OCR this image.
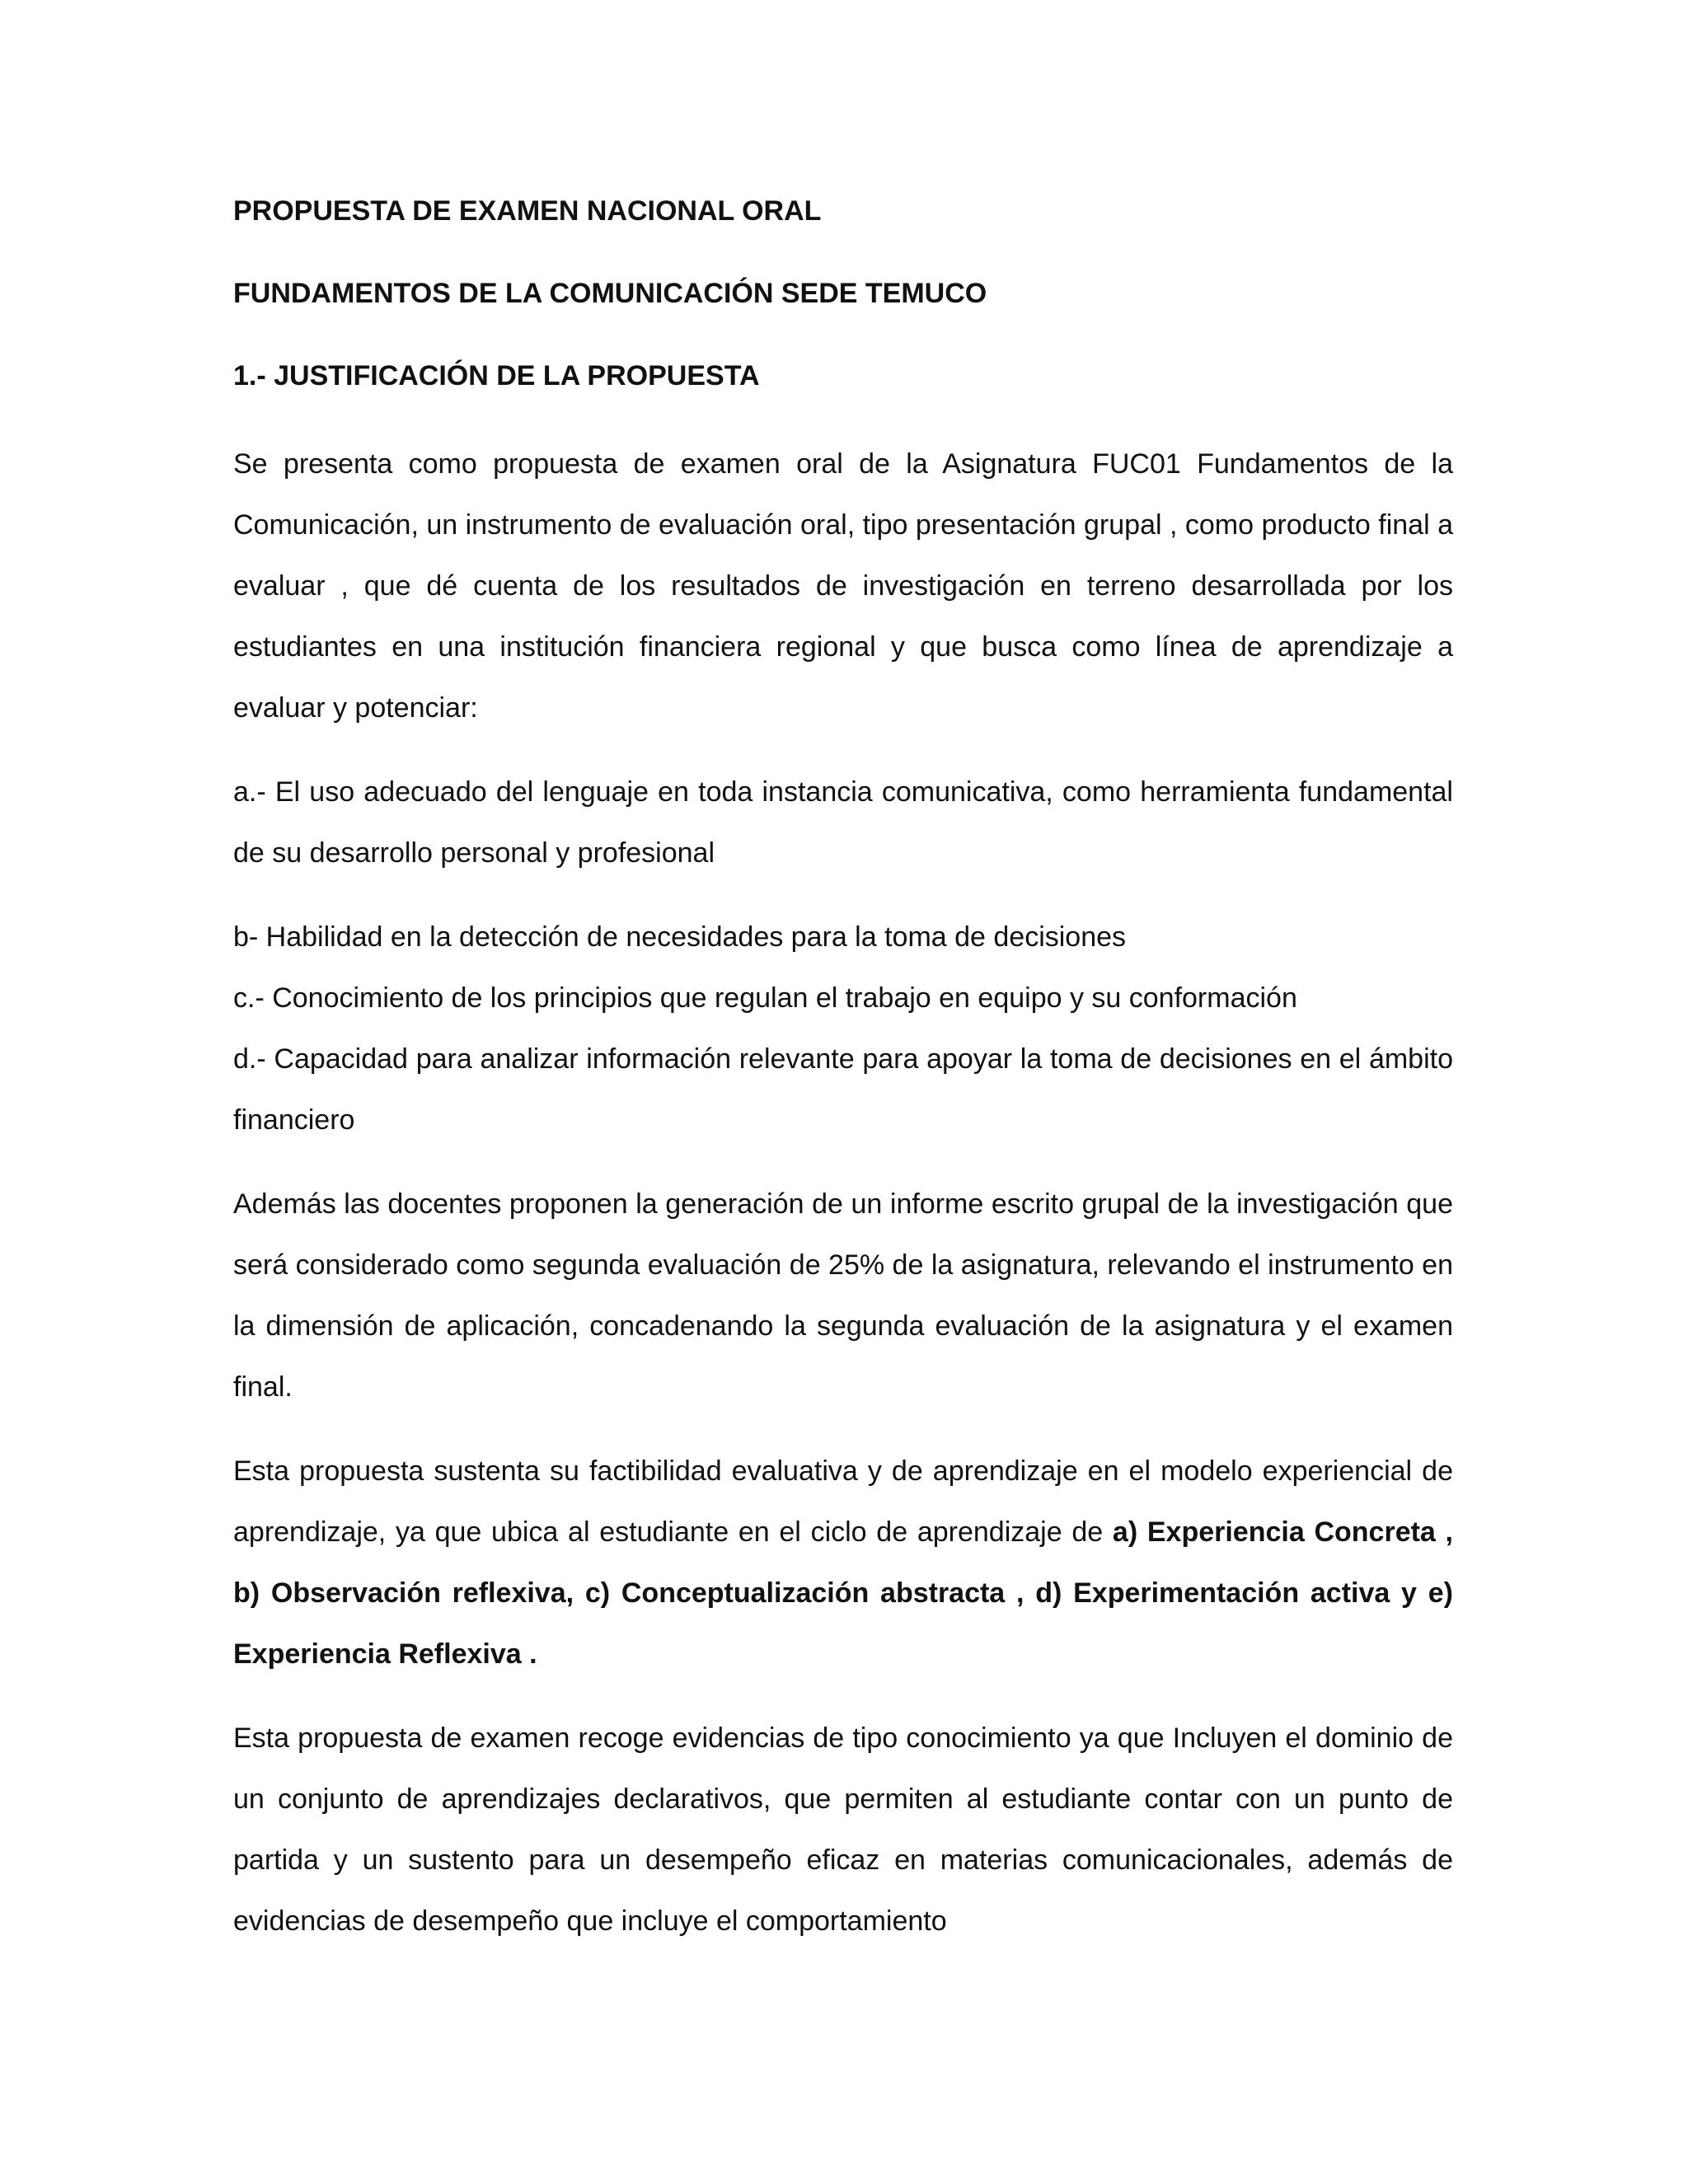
PROPUESTA DE EXAMEN NACIONAL ORAL

FUNDAMENTOS DE LA COMUNICACIÓN SEDE TEMUCO

1.- JUSTIFICACIÓN DE LA PROPUESTA

Se presenta como propuesta de examen oral de la Asignatura FUC01 Fundamentos de la Comunicación, un instrumento de evaluación oral, tipo presentación grupal , como producto final a evaluar , que dé cuenta de los resultados de investigación en terreno desarrollada por los estudiantes en una institución financiera regional y que busca como línea de aprendizaje a evaluar y potenciar:

a.- El uso adecuado del lenguaje en toda instancia comunicativa, como herramienta fundamental de su desarrollo personal y profesional

b- Habilidad en la detección de necesidades para la toma de decisiones

c.- Conocimiento de los principios que regulan el trabajo en equipo y su conformación

d.- Capacidad para analizar información relevante para apoyar la toma de decisiones en el ámbito financiero

Además las docentes proponen la generación de un informe escrito grupal de la investigación que será considerado como segunda evaluación de 25% de la asignatura, relevando el instrumento en la dimensión de aplicación, concadenando la segunda evaluación de la asignatura y el examen final.

Esta propuesta sustenta su factibilidad evaluativa y de aprendizaje en el modelo experiencial de aprendizaje, ya que ubica al estudiante en el ciclo de aprendizaje de a) Experiencia Concreta , b) Observación reflexiva, c) Conceptualización abstracta , d) Experimentación activa y e) Experiencia Reflexiva .

Esta propuesta de examen recoge evidencias de tipo conocimiento ya que Incluyen el dominio de un conjunto de aprendizajes declarativos, que permiten al estudiante contar con un punto de partida y un sustento para un desempeño eficaz en materias comunicacionales, además de evidencias de desempeño que incluye el comportamiento
